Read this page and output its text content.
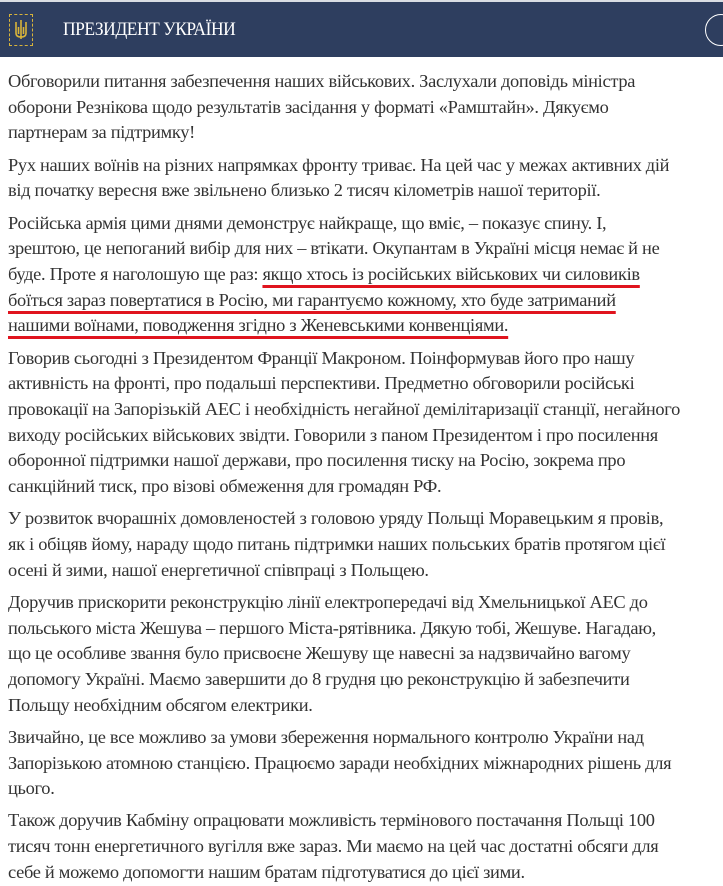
ПРЕЗИДЕНТ УКРАЇНИ

Обговорили питання забезпечення наших військових. Заслухали доповідь міністра
оборони Резнікова щодо результатів засідання у форматі «Рамштайн». Дякуємо
партнерам за підтримку!

Рух наших воїнів на різних напрямках фронту триває. На цей час у межах активних дій
від початку вересня вже звільнено близько 2 тисяч кілометрів нашої території.

Російська армія цими днями демонструє найкраще, що вміє, – показує спину. І,
зрештою, це непоганий вибір для них – втікати. Окупантам в Україні місця немає й не
буде. Проте я наголошую ще раз: якщо хтось із російських військових чи силовиків
боїться зараз повертатися в Росію, ми гарантуємо кожному, хто буде затриманий
нашими воїнами, поводження згідно з Женевськими конвенціями.

Говорив сьогодні з Президентом Франції Макроном. Поінформував його про нашу
активність на фронті, про подальші перспективи. Предметно обговорили російські
провокації на Запорізькій АЕС і необхідність негайної демілітаризації станції, негайного
виходу російських військових звідти. Говорили з паном Президентом і про посилення
оборонної підтримки нашої держави, про посилення тиску на Росію, зокрема про
санкційний тиск, про візові обмеження для громадян РФ.

У розвиток вчорашніх домовленостей з головою уряду Польщі Моравецьким я провів,
як і обіцяв йому, нараду щодо питань підтримки наших польських братів протягом цієї
осені й зими, нашої енергетичної співпраці з Польщею.

Доручив прискорити реконструкцію лінії електропередачі від Хмельницької АЕС до
польського міста Жешува – першого Міста-рятівника. Дякую тобі, Жешуве. Нагадаю,
що це особливе звання було присвоєне Жешуву ще навесні за надзвичайно вагому
допомогу Україні. Маємо завершити до 8 грудня цю реконструкцію й забезпечити
Польщу необхідним обсягом електрики.

Звичайно, це все можливо за умови збереження нормального контролю України над
Запорізькою атомною станцією. Працюємо заради необхідних міжнародних рішень для
цього.

Також доручив Кабміну опрацювати можливість термінового постачання Польщі 100
тисяч тонн енергетичного вугілля вже зараз. Ми маємо на цей час достатні обсяги для
себе й можемо допомогти нашим братам підготуватися до цієї зими.
